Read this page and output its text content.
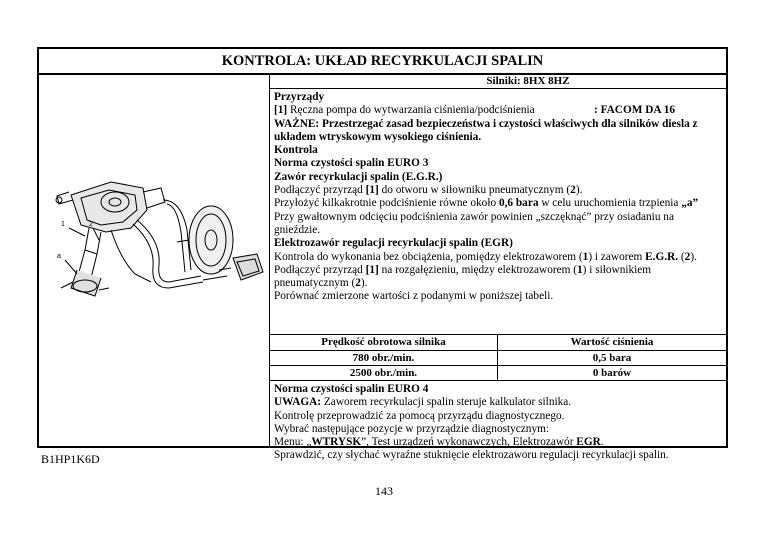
KONTROLA: UKŁAD RECYRKULACJI SPALIN
1	2
a
Silniki: 8HX 8HZ

Przyrządy

[1] Ręczna pompa do wytwarzania ciśnienia/podciśnienia	: FACOM DA 16

WAŻNE: Przestrzegać zasad bezpieczeństwa i czystości właściwych dla silników diesla z układem wtryskowym wysokiego ciśnienia.

Kontrola

Norma czystości spalin EURO 3

Zawór recyrkulacji spalin (E.G.R.)

Podłączyć przyrząd [1] do otworu w siłowniku pneumatycznym (2).

Przyłożyć kilkakrotnie podciśnienie równe około 0,6 bara w celu uruchomienia trzpienia „a”

Przy gwałtownym odcięciu podciśnienia zawór powinien „szczęknąć” przy osiadaniu na gnieździe.

Elektrozawór regulacji recyrkulacji spalin (EGR)

Kontrola do wykonania bez obciążenia, pomiędzy elektrozaworem (1) i zaworem E.G.R. (2).

Podłączyć przyrząd [1] na rozgałęzieniu, między elektrozaworem (1) i siłownikiem pneumatycznym (2).

Porównać zmierzone wartości z podanymi w poniższej tabeli.

Prędkość obrotowa silnika	Wartość ciśnienia
780 obr./min.	0,5 bara
2500 obr./min.	0 barów

Norma czystości spalin EURO 4

UWAGA: Zaworem recyrkulacji spalin steruje kalkulator silnika.

Kontrolę przeprowadzić za pomocą przyrządu diagnostycznego.

Wybrać następujące pozycje w przyrządzie diagnostycznym:

Menu: „WTRYSK”, Test urządzeń wykonawczych, Elektrozawór EGR.

Sprawdzić, czy słychać wyraźne stuknięcie elektrozaworu regulacji recyrkulacji spalin.

B1HP1K6D
143
